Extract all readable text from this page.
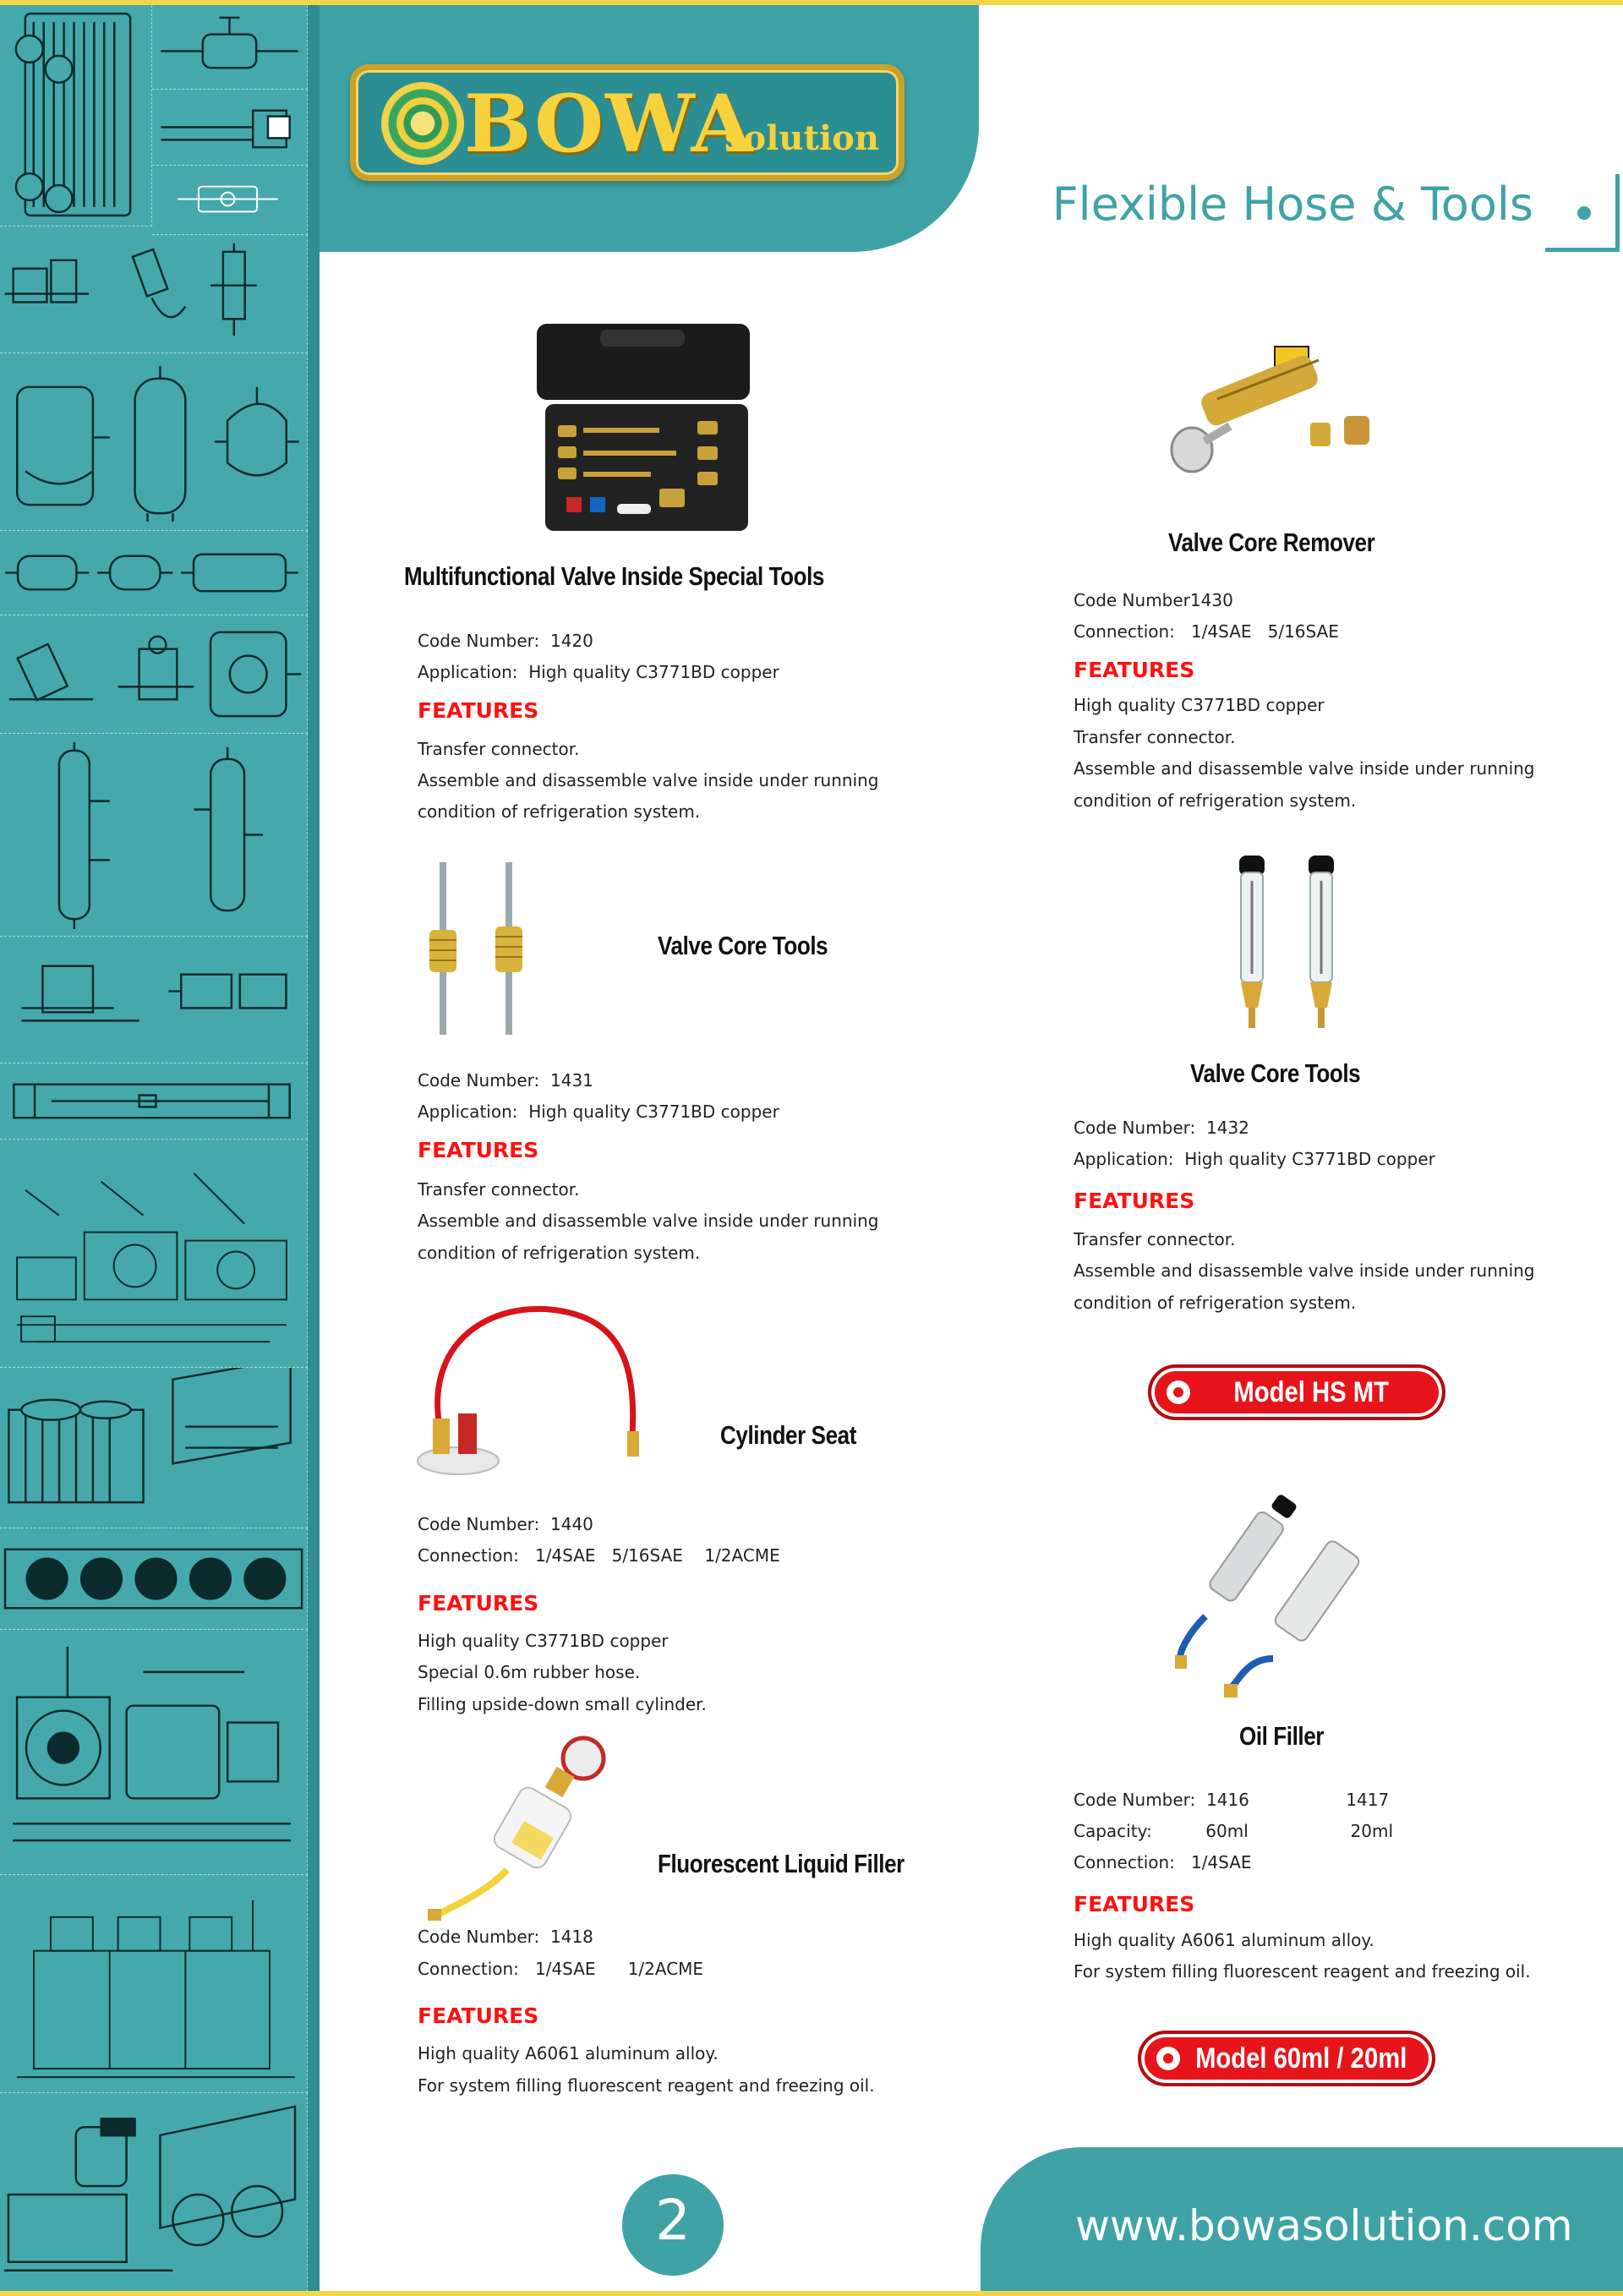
BOWA
solution
Flexible Hose & Tools
Multifunctional Valve Inside Special Tools
Code Number:  1420
Application:  High quality C3771BD copper
FEATURES
Transfer connector.
Assemble and disassemble valve inside under running
condition of refrigeration system.
Valve Core Remover
Code Number1430
Connection:   1/4SAE   5/16SAE
FEATURES
High quality C3771BD copper
Transfer connector.
Assemble and disassemble valve inside under running
condition of refrigeration system.
Valve Core Tools
Code Number:  1431
Application:  High quality C3771BD copper
FEATURES
Transfer connector.
Assemble and disassemble valve inside under running
condition of refrigeration system.
Valve Core Tools
Code Number:  1432
Application:  High quality C3771BD copper
FEATURES
Transfer connector.
Assemble and disassemble valve inside under running
condition of refrigeration system.
Model HS MT
Cylinder Seat
Code Number:  1440
Connection:   1/4SAE   5/16SAE    1/2ACME
FEATURES
High quality C3771BD copper
Special 0.6m rubber hose.
Filling upside-down small cylinder.
Oil Filler
Code Number:  1416                  1417
Capacity:          60ml                   20ml
Connection:   1/4SAE
FEATURES
High quality A6061 aluminum alloy.
For system filling fluorescent reagent and freezing oil.
Fluorescent Liquid Filler
Code Number:  1418
Connection:   1/4SAE      1/2ACME
FEATURES
High quality A6061 aluminum alloy.
For system filling fluorescent reagent and freezing oil.
Model 60ml / 20ml
2	www.bowasolution.com
